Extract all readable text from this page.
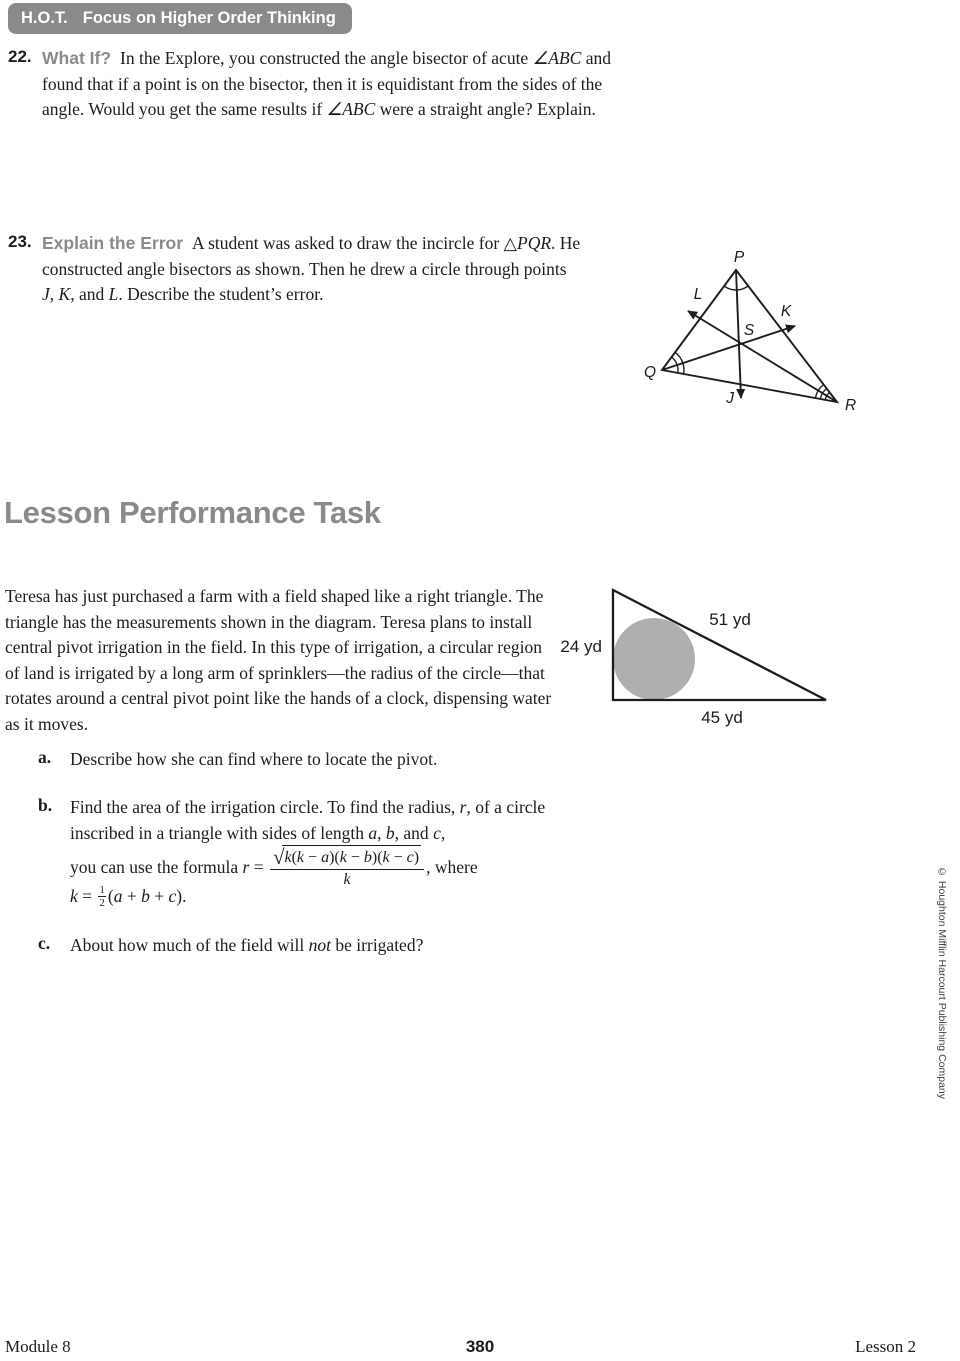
H.O.T. Focus on Higher Order Thinking
22. What If? In the Explore, you constructed the angle bisector of acute ∠ABC and found that if a point is on the bisector, then it is equidistant from the sides of the angle. Would you get the same results if ∠ABC were a straight angle? Explain.
23. Explain the Error A student was asked to draw the incircle for △PQR. He constructed angle bisectors as shown. Then he drew a circle through points J, K, and L. Describe the student’s error.
P
Q
R
S
J
K
L
Lesson Performance Task
Teresa has just purchased a farm with a field shaped like a right triangle. The triangle has the measurements shown in the diagram. Teresa plans to install central pivot irrigation in the field. In this type of irrigation, a circular region of land is irrigated by a long arm of sprinklers—the radius of the circle—that rotates around a central pivot point like the hands of a clock, dispensing water as it moves.
24 yd
51 yd
45 yd
a.	Describe how she can find where to locate the pivot.
b.	Find the area of the irrigation circle. To find the radius, r, of a circle inscribed in a triangle with sides of length a, b, and c,
you can use the formula $r = \frac{√ k(k - a)(k - b)(k - c)}{k}$ , where
$k = \frac{1}{2} (a + b + c)$.
c.	About how much of the field will not be irrigated?
Module 8	380	Lesson 2
© Houghton Mifflin Harcourt Publishing Company
